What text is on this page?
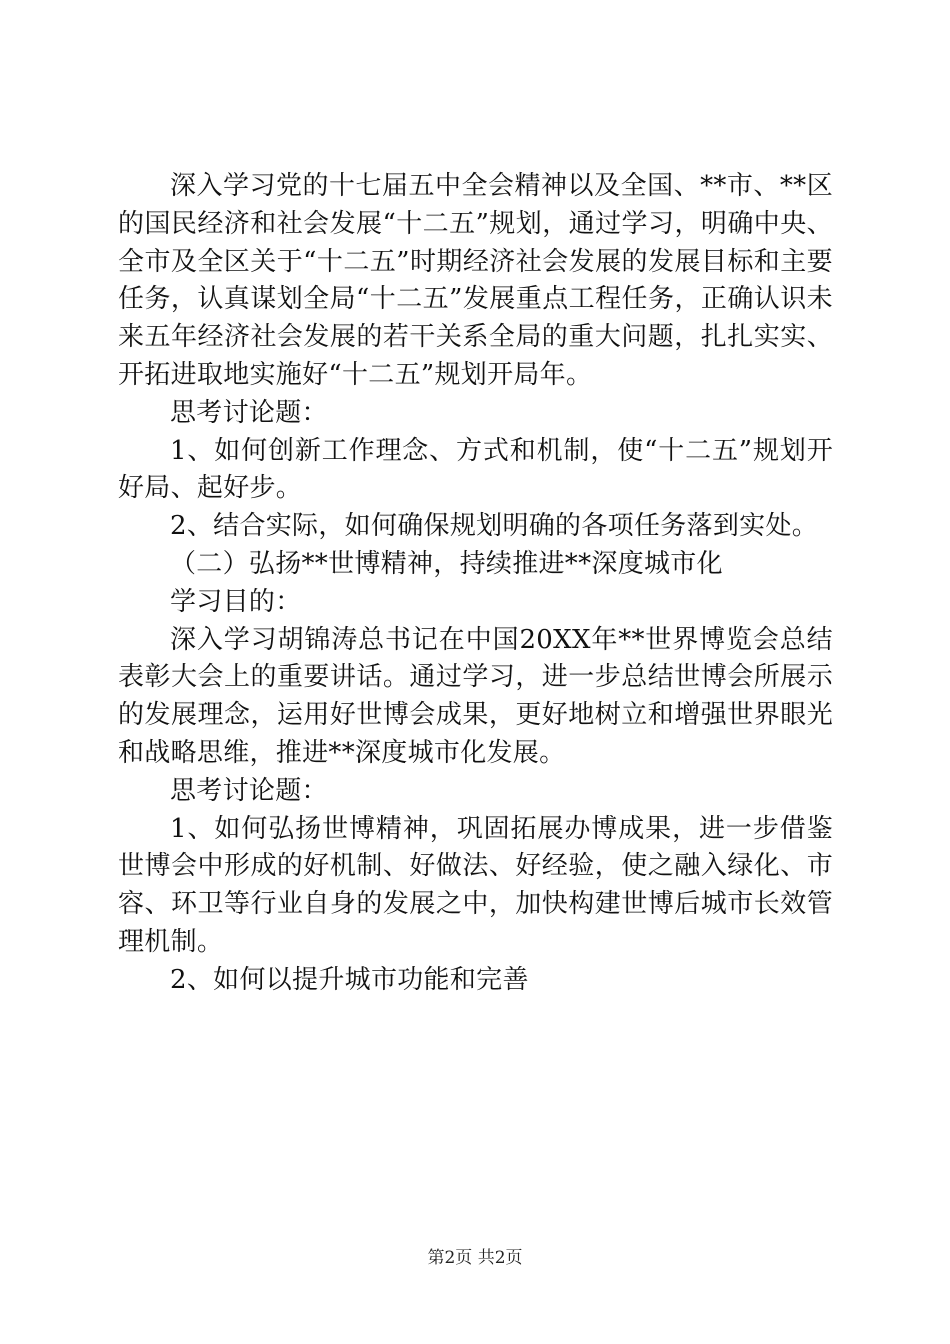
深入学习党的十七届五中全会精神以及全国、**市、**区的国民经济和社会发展“十二五”规划，通过学习，明确中央、全市及全区关于“十二五”时期经济社会发展的发展目标和主要任务，认真谋划全局“十二五”发展重点工程任务，正确认识未来五年经济社会发展的若干关系全局的重大问题，扎扎实实、开拓进取地实施好“十二五”规划开局年。

思考讨论题：

1、如何创新工作理念、方式和机制，使“十二五”规划开好局、起好步。

2、结合实际，如何确保规划明确的各项任务落到实处。

（二）弘扬**世博精神，持续推进**深度城市化

学习目的：

深入学习胡锦涛总书记在中国20XX年**世界博览会总结表彰大会上的重要讲话。通过学习，进一步总结世博会所展示的发展理念，运用好世博会成果，更好地树立和增强世界眼光和战略思维，推进**深度城市化发展。

思考讨论题：

1、如何弘扬世博精神，巩固拓展办博成果，进一步借鉴世博会中形成的好机制、好做法、好经验，使之融入绿化、市容、环卫等行业自身的发展之中，加快构建世博后城市长效管理机制。

2、如何以提升城市功能和完善

第2页 共2页
